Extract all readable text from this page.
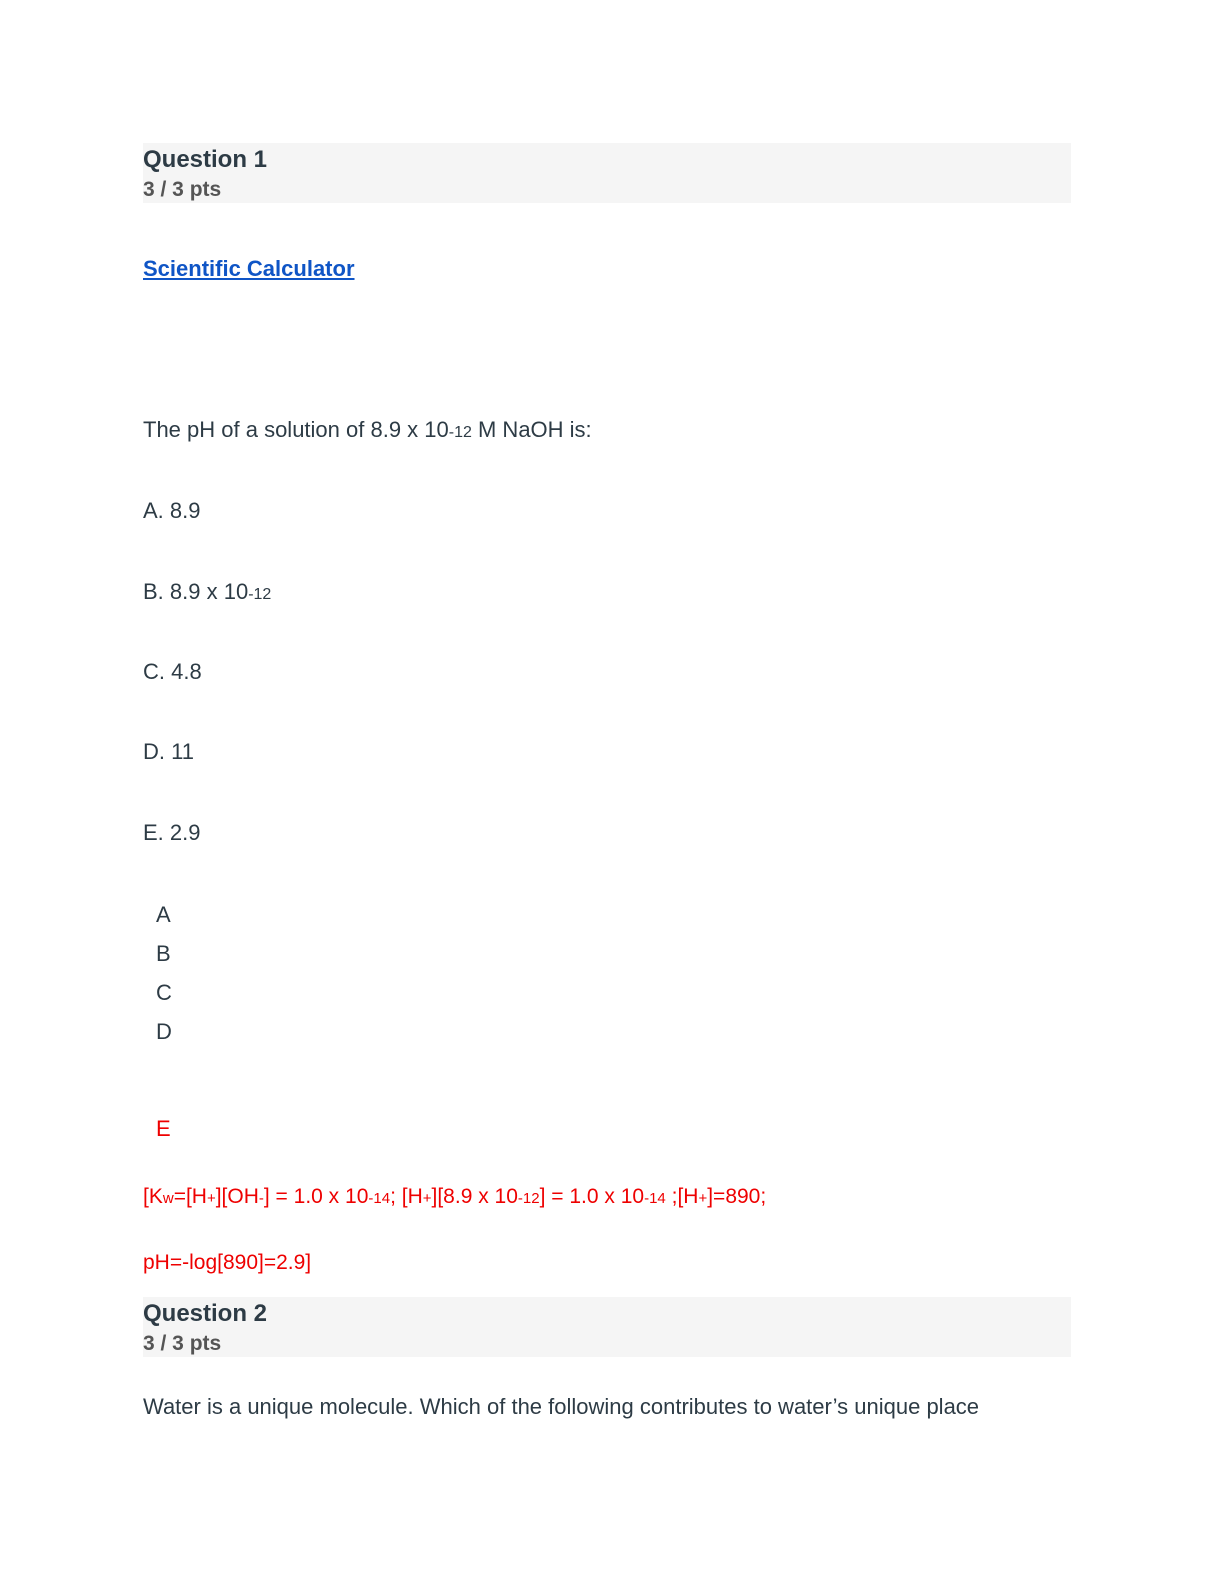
Question 1
3 / 3 pts
Scientific Calculator
The pH of a solution of 8.9 x 10-12 M NaOH is:
A. 8.9
B. 8.9 x 10-12
C. 4.8
D. 11
E. 2.9
A
B
C
D
E
[Kw=[H+][OH-] = 1.0 x 10-14; [H+][8.9 x 10-12] = 1.0 x 10-14 ;[H+]=890;
pH=-log[890]=2.9]
Question 2
3 / 3 pts
Water is a unique molecule. Which of the following contributes to water’s unique place
